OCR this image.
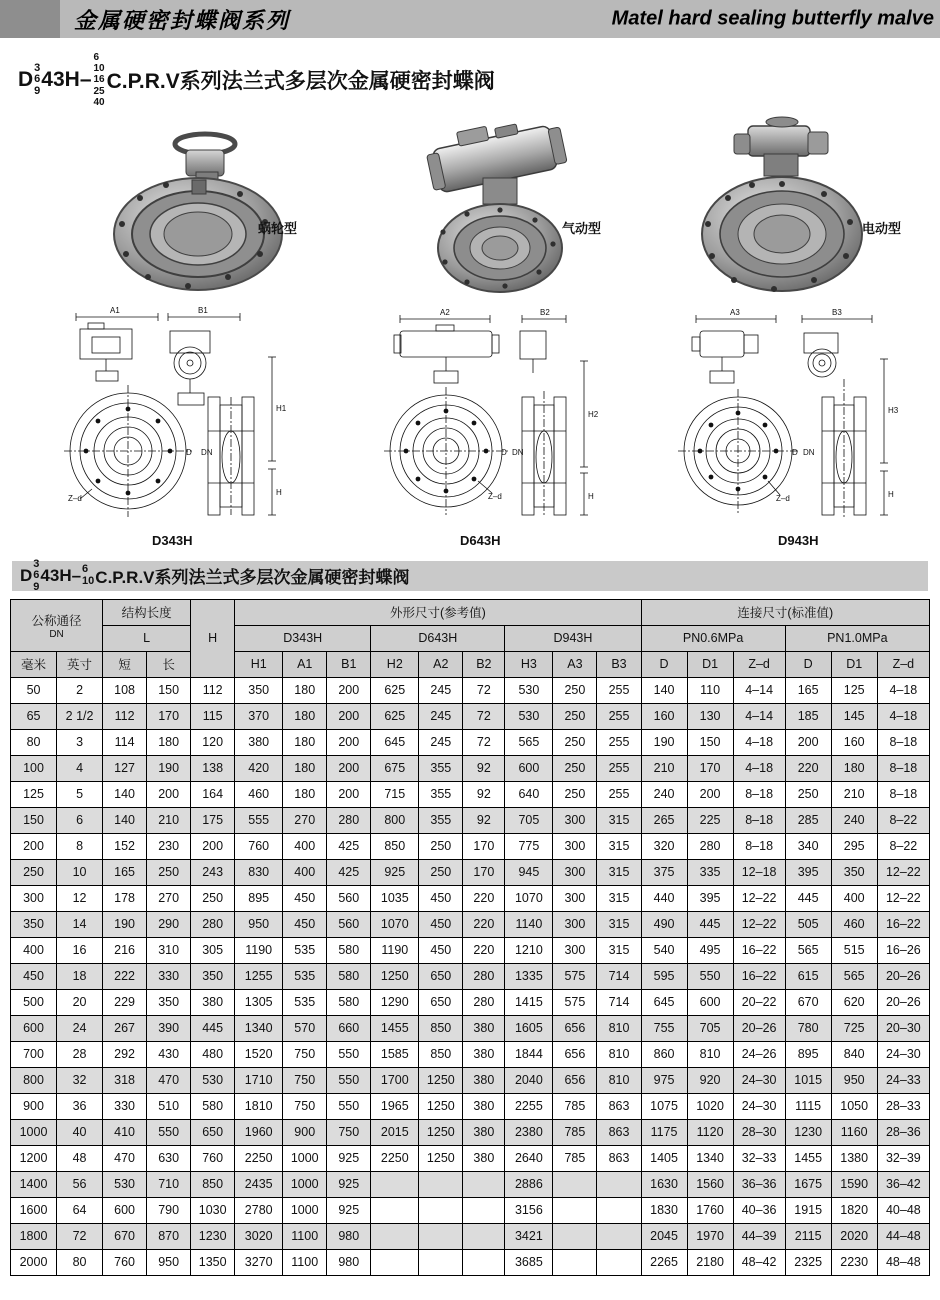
金属硬密封蝶阀系列	Matel hard sealing butterfly malve
D
3
6
9 43H–
6
10
16
25
40
C.P.R.V系列法兰式多层次金属硬密封蝶阀
蜗轮型	气动型	电动型
A1	B1
Z–d
H1
H
D DN
D343H
A2	B2
Z–d
H2
H
D DN
D643H
A3	B3
Z–d
H3
H
D DN
D943H
D
3
6
9
43H– 6
10 C.P.R.V系列法兰式多层次金属硬密封蝶阀
公称通径
DN		结构长度		H	外形尺寸(参考值)									连接尺寸(标准值)					
		L			D343H			D643H			D943H			PN0.6MPa			PN1.0MPa		
毫米	英寸	短	长		H1	A1	B1	H2	A2	B2	H3	A3	B3	D	D1	Z–d	D	D1	Z–d
50	2	108	150	112	350	180	200	625	245	72	530	250	255	140	110	4–14	165	125	4–18
65	2 1/2	112	170	115	370	180	200	625	245	72	530	250	255	160	130	4–14	185	145	4–18
80	3	114	180	120	380	180	200	645	245	72	565	250	255	190	150	4–18	200	160	8–18
100	4	127	190	138	420	180	200	675	355	92	600	250	255	210	170	4–18	220	180	8–18
125	5	140	200	164	460	180	200	715	355	92	640	250	255	240	200	8–18	250	210	8–18
150	6	140	210	175	555	270	280	800	355	92	705	300	315	265	225	8–18	285	240	8–22
200	8	152	230	200	760	400	425	850	250	170	775	300	315	320	280	8–18	340	295	8–22
250	10	165	250	243	830	400	425	925	250	170	945	300	315	375	335	12–18	395	350	12–22
300	12	178	270	250	895	450	560	1035	450	220	1070	300	315	440	395	12–22	445	400	12–22
350	14	190	290	280	950	450	560	1070	450	220	1140	300	315	490	445	12–22	505	460	16–22
400	16	216	310	305	1190	535	580	1190	450	220	1210	300	315	540	495	16–22	565	515	16–26
450	18	222	330	350	1255	535	580	1250	650	280	1335	575	714	595	550	16–22	615	565	20–26
500	20	229	350	380	1305	535	580	1290	650	280	1415	575	714	645	600	20–22	670	620	20–26
600	24	267	390	445	1340	570	660	1455	850	380	1605	656	810	755	705	20–26	780	725	20–30
700	28	292	430	480	1520	750	550	1585	850	380	1844	656	810	860	810	24–26	895	840	24–30
800	32	318	470	530	1710	750	550	1700	1250	380	2040	656	810	975	920	24–30	1015	950	24–33
900	36	330	510	580	1810	750	550	1965	1250	380	2255	785	863	1075	1020	24–30	1115	1050	28–33
1000	40	410	550	650	1960	900	750	2015	1250	380	2380	785	863	1175	1120	28–30	1230	1160	28–36
1200	48	470	630	760	2250	1000	925	2250	1250	380	2640	785	863	1405	1340	32–33	1455	1380	32–39
1400	56	530	710	850	2435	1000	925				2886			1630	1560	36–36	1675	1590	36–42
1600	64	600	790	1030	2780	1000	925				3156			1830	1760	40–36	1915	1820	40–48
1800	72	670	870	1230	3020	1100	980				3421			2045	1970	44–39	2115	2020	44–48
2000	80	760	950	1350	3270	1100	980				3685			2265	2180	48–42	2325	2230	48–48
